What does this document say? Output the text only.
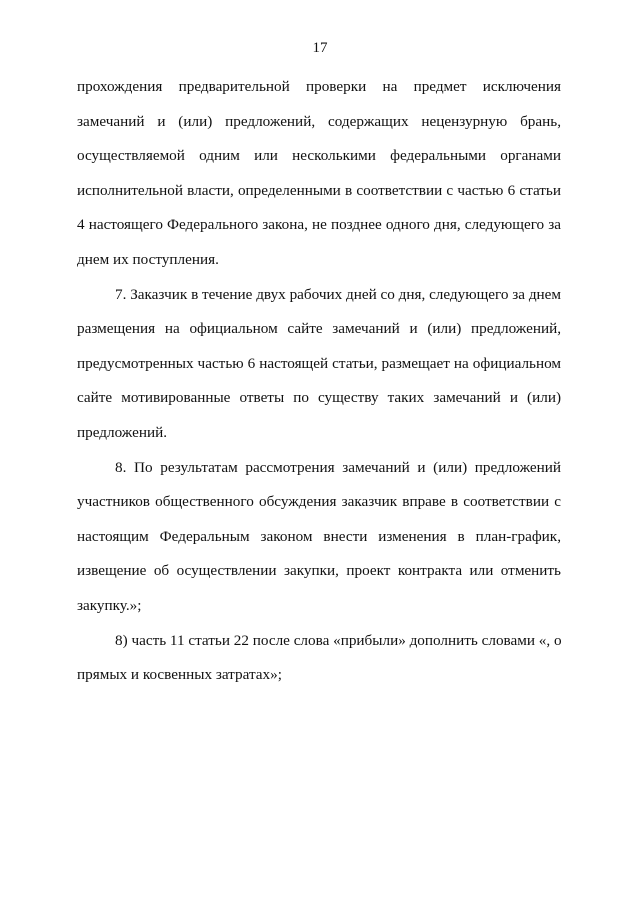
17
прохождения предварительной проверки на предмет исключения
замечаний и (или) предложений, содержащих нецензурную брань,
осуществляемой одним или несколькими федеральными органами
исполнительной власти, определенными в соответствии с частью 6 статьи
4 настоящего Федерального закона, не позднее одного дня, следующего за
днем их поступления.
7. Заказчик в течение двух рабочих дней со дня, следующего за днем
размещения на официальном сайте замечаний и (или) предложений,
предусмотренных частью 6 настоящей статьи, размещает на официальном
сайте мотивированные ответы по существу таких замечаний и (или)
предложений.
8. По результатам рассмотрения замечаний и (или) предложений
участников общественного обсуждения заказчик вправе в соответствии с
настоящим Федеральным законом внести изменения в план-график,
извещение об осуществлении закупки, проект контракта или отменить
закупку.»;
8) часть 11 статьи 22 после слова «прибыли» дополнить словами «, о
прямых и косвенных затратах»;
